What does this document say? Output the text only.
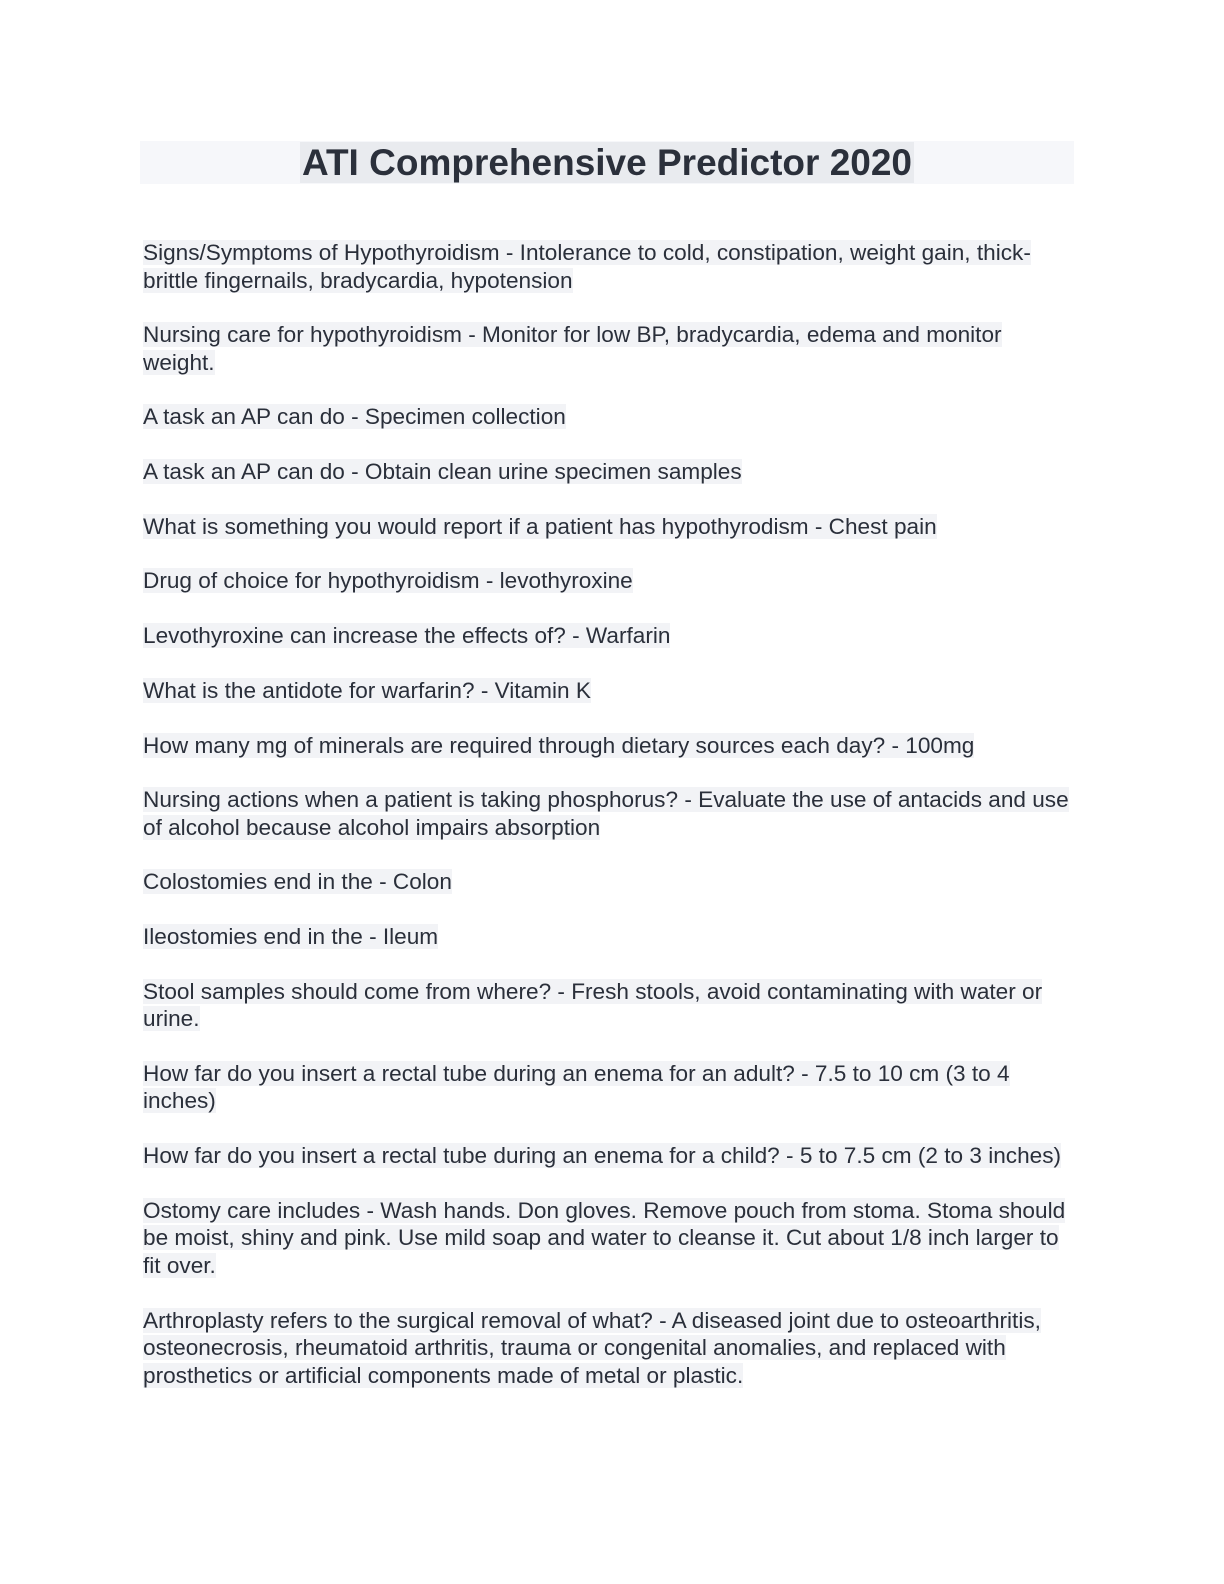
ATI Comprehensive Predictor 2020

Signs/Symptoms of Hypothyroidism - Intolerance to cold, constipation, weight gain, thick-brittle fingernails, bradycardia, hypotension

Nursing care for hypothyroidism - Monitor for low BP, bradycardia, edema and monitor weight.

A task an AP can do - Specimen collection

A task an AP can do - Obtain clean urine specimen samples

What is something you would report if a patient has hypothyrodism - Chest pain

Drug of choice for hypothyroidism - levothyroxine

Levothyroxine can increase the effects of? - Warfarin

What is the antidote for warfarin? - Vitamin K

How many mg of minerals are required through dietary sources each day? - 100mg

Nursing actions when a patient is taking phosphorus? - Evaluate the use of antacids and use of alcohol because alcohol impairs absorption

Colostomies end in the - Colon

Ileostomies end in the - Ileum

Stool samples should come from where? - Fresh stools, avoid contaminating with water or urine.

How far do you insert a rectal tube during an enema for an adult? - 7.5 to 10 cm (3 to 4 inches)

How far do you insert a rectal tube during an enema for a child? - 5 to 7.5 cm (2 to 3 inches)

Ostomy care includes - Wash hands. Don gloves. Remove pouch from stoma. Stoma should be moist, shiny and pink. Use mild soap and water to cleanse it. Cut about 1/8 inch larger to fit over.

Arthroplasty refers to the surgical removal of what? - A diseased joint due to osteoarthritis, osteonecrosis, rheumatoid arthritis, trauma or congenital anomalies, and replaced with prosthetics or artificial components made of metal or plastic.
